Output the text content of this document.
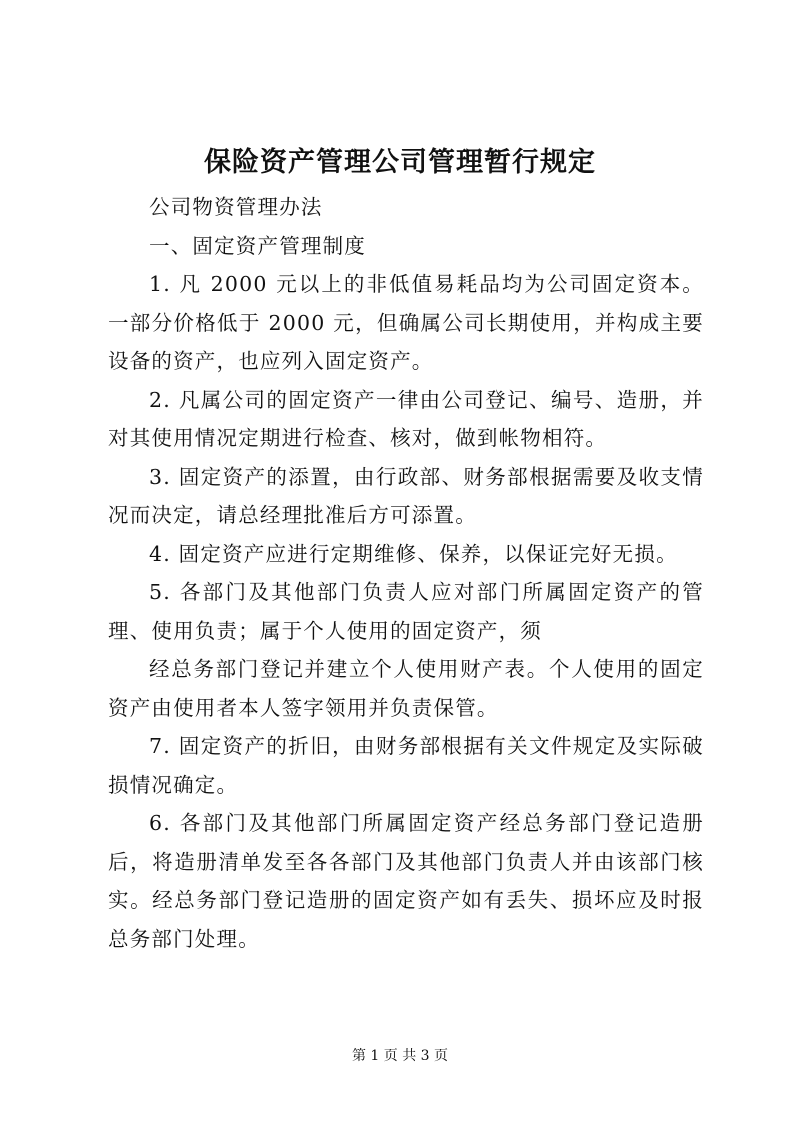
保险资产管理公司管理暂行规定

公司物资管理办法

一、固定资产管理制度

1. 凡 2000 元以上的非低值易耗品均为公司固定资本。一部分价格低于 2000 元，但确属公司长期使用，并构成主要设备的资产，也应列入固定资产。

2. 凡属公司的固定资产一律由公司登记、编号、造册，并对其使用情况定期进行检查、核对，做到帐物相符。

3. 固定资产的添置，由行政部、财务部根据需要及收支情况而决定，请总经理批准后方可添置。

4. 固定资产应进行定期维修、保养，以保证完好无损。

5. 各部门及其他部门负责人应对部门所属固定资产的管理、使用负责；属于个人使用的固定资产，须

经总务部门登记并建立个人使用财产表。个人使用的固定资产由使用者本人签字领用并负责保管。

7. 固定资产的折旧，由财务部根据有关文件规定及实际破损情况确定。

6. 各部门及其他部门所属固定资产经总务部门登记造册后，将造册清单发至各各部门及其他部门负责人并由该部门核实。经总务部门登记造册的固定资产如有丢失、损坏应及时报总务部门处理。

第 1 页 共 3 页
